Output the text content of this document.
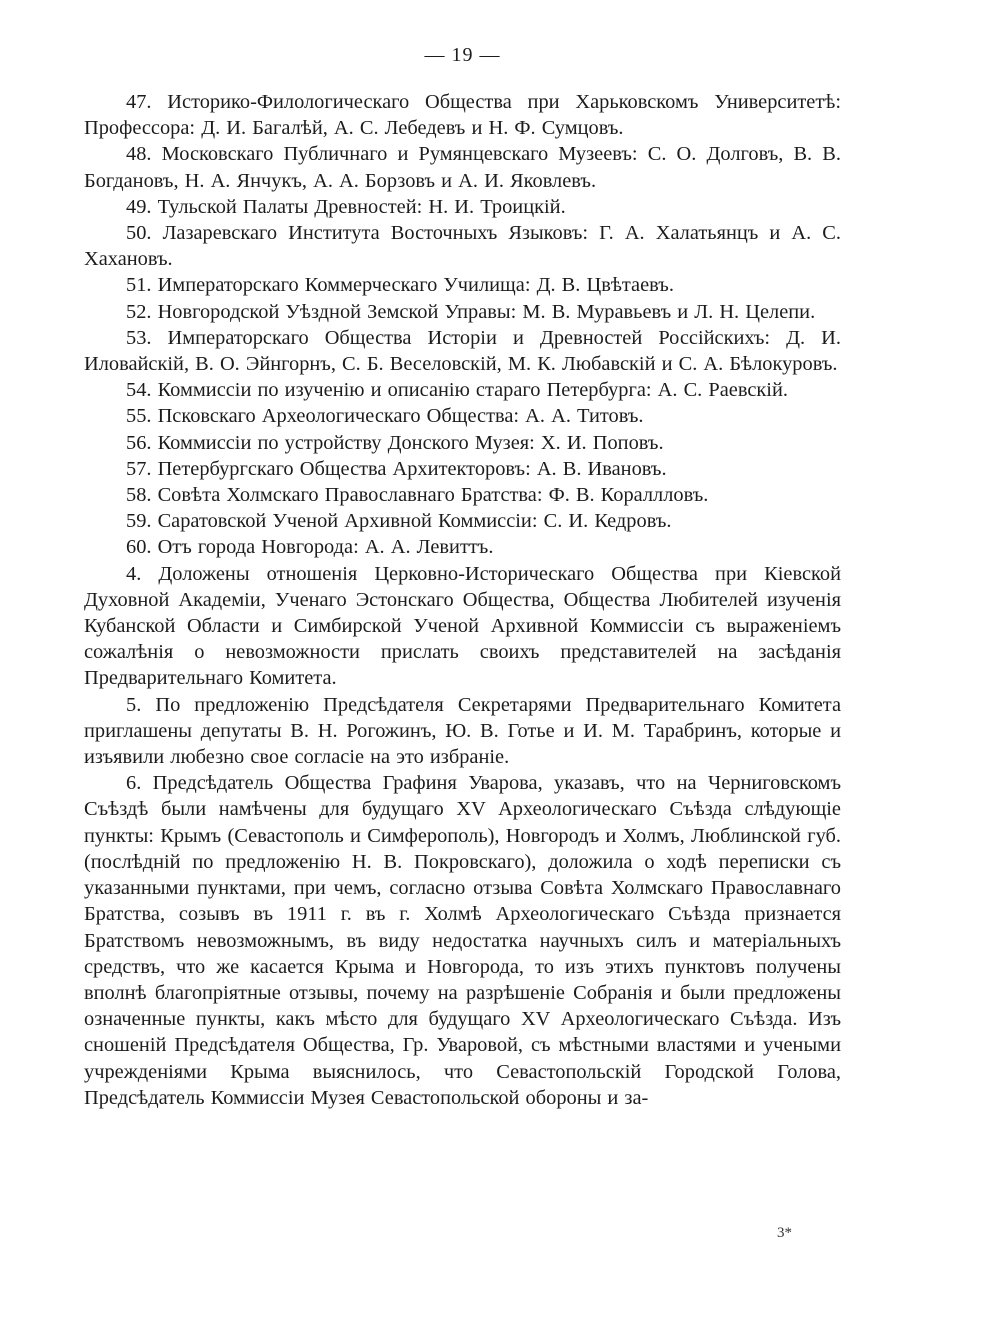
— 19 —

47. Историко-Филологическаго Общества при Харьковскомъ Университетѣ: Профессора: Д. И. Багалѣй, А. С. Лебедевъ и Н. Ф. Сумцовъ.

48. Московскаго Публичнаго и Румянцевскаго Музеевъ: С. О. Долговъ, В. В. Богдановъ, Н. А. Янчукъ, А. А. Борзовъ и А. И. Яковлевъ.

49. Тульской Палаты Древностей: Н. И. Троицкій.

50. Лазаревскаго Института Восточныхъ Языковъ: Г. А. Халатьянцъ и А. С. Хахановъ.

51. Императорскаго Коммерческаго Училища: Д. В. Цвѣтаевъ.

52. Новгородской Уѣздной Земской Управы: М. В. Муравьевъ и Л. Н. Целепи.

53. Императорскаго Общества Исторіи и Древностей Россійскихъ: Д. И. Иловайскій, В. О. Эйнгорнъ, С. Б. Веселовскій, М. К. Любавскій и С. А. Бѣлокуровъ.

54. Коммиссіи по изученію и описанію стараго Петербурга: А. С. Раевскій.

55. Псковскаго Археологическаго Общества: А. А. Титовъ.

56. Коммиссіи по устройству Донского Музея: Х. И. Поповъ.

57. Петербургскаго Общества Архитекторовъ: А. В. Ивановъ.

58. Совѣта Холмскаго Православнаго Братства: Ф. В. Кораллловъ.

59. Саратовской Ученой Архивной Коммиссіи: С. И. Кедровъ.

60. Отъ города Новгорода: А. А. Левиттъ.

4. Доложены отношенія Церковно-Историческаго Общества при Кіевской Духовной Академіи, Ученаго Эстонскаго Общества, Общества Любителей изученія Кубанской Области и Симбирской Ученой Архивной Коммиссіи съ выраженіемъ сожалѣнія о невозможности прислать своихъ представителей на засѣданія Предварительнаго Комитета.

5. По предложенію Предсѣдателя Секретарями Предварительнаго Комитета приглашены депутаты В. Н. Рогожинъ, Ю. В. Готье и И. М. Тарабринъ, которые и изъявили любезно свое согласіе на это избраніе.

6. Предсѣдатель Общества Графиня Уварова, указавъ, что на Черниговскомъ Съѣздѣ были намѣчены для будущаго XV Археологическаго Съѣзда слѣдующіе пункты: Крымъ (Севастополь и Симферополь), Новгородъ и Холмъ, Люблинской губ. (послѣдній по предложенію Н. В. Покровскаго), доложила о ходѣ переписки съ указанными пунктами, при чемъ, согласно отзыва Совѣта Холмскаго Православнаго Братства, созывъ въ 1911 г. въ г. Холмѣ Археологическаго Съѣзда признается Братствомъ невозможнымъ, въ виду недостатка научныхъ силъ и матеріальныхъ средствъ, что же касается Крыма и Новгорода, то изъ этихъ пунктовъ получены вполнѣ благопріятные отзывы, почему на разрѣшеніе Собранія и были предложены означенные пункты, какъ мѣсто для будущаго XV Археологическаго Съѣзда. Изъ сношеній Предсѣдателя Общества, Гр. Уваровой, съ мѣстными властями и учеными учрежденіями Крыма выяснилось, что Севастопольскій Городской Голова, Предсѣдатель Коммиссіи Музея Севастопольской обороны и за-

3*
